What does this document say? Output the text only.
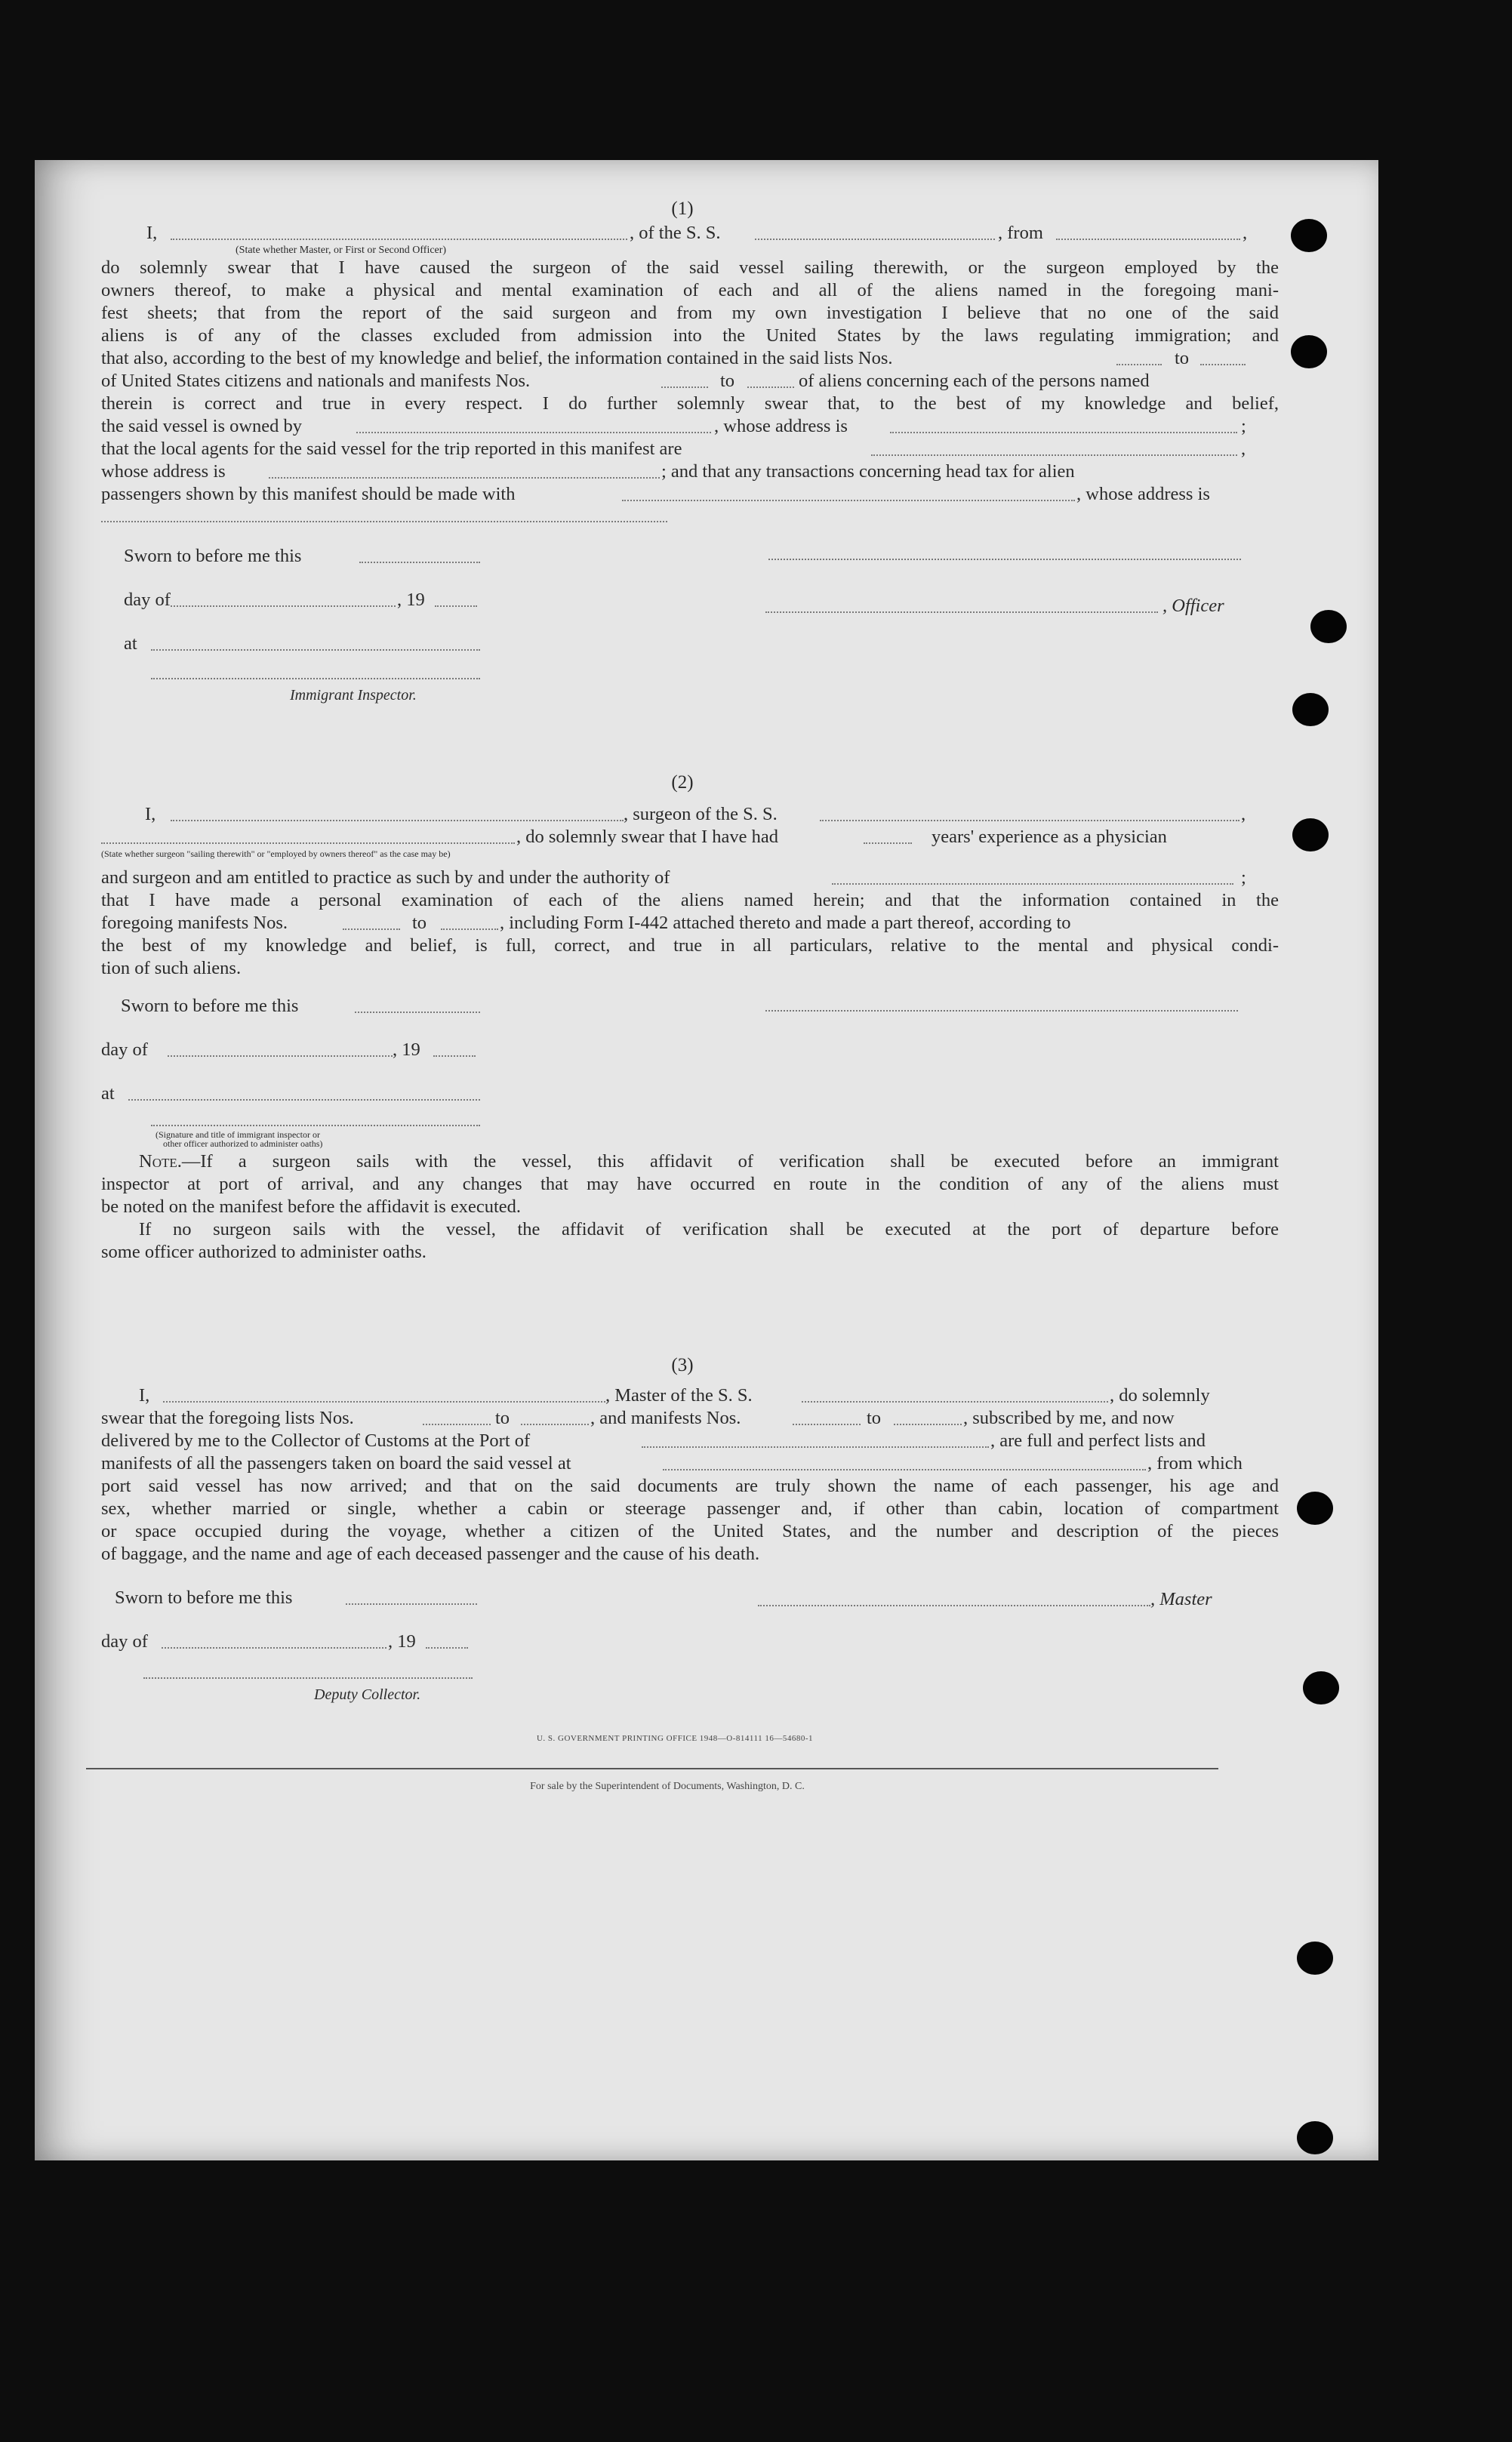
(1)

I,	, of the S. S.	, from	,
(State whether Master, or First or Second Officer)
do solemnly swear that I have caused the surgeon of the said vessel sailing therewith, or the surgeon employed by the
owners thereof, to make a physical and mental examination of each and all of the aliens named in the foregoing mani-
fest sheets; that from the report of the said surgeon and from my own investigation I believe that no one of the said
aliens is of any of the classes excluded from admission into the United States by the laws regulating immigration; and
that also, according to the best of my knowledge and belief, the information contained in the said lists Nos.	to
of United States citizens and nationals and manifests Nos.	to	of aliens concerning each of the persons named
therein is correct and true in every respect. I do further solemnly swear that, to the best of my knowledge and belief,
the said vessel is owned by	, whose address is	;
that the local agents for the said vessel for the trip reported in this manifest are	,
whose address is	; and that any transactions concerning head tax for alien
passengers shown by this manifest should be made with	, whose address is
Sworn to before me this
day of	, 19	, Officer
at
Immigrant Inspector.

(2)

I,	, surgeon of the S. S.	,
, do solemnly swear that I have had	years' experience as a physician
(State whether surgeon "sailing therewith" or "employed by owners thereof" as the case may be)
and surgeon and am entitled to practice as such by and under the authority of	;
that I have made a personal examination of each of the aliens named herein; and that the information contained in the
foregoing manifests Nos.	to	, including Form I-442 attached thereto and made a part thereof, according to
the best of my knowledge and belief, is full, correct, and true in all particulars, relative to the mental and physical condi-
tion of such aliens.
Sworn to before me this
day of	, 19
at
(Signature and title of immigrant inspector or
other officer authorized to administer oaths)
Note.—If a surgeon sails with the vessel, this affidavit of verification shall be executed before an immigrant
inspector at port of arrival, and any changes that may have occurred en route in the condition of any of the aliens must
be noted on the manifest before the affidavit is executed.
If no surgeon sails with the vessel, the affidavit of verification shall be executed at the port of departure before
some officer authorized to administer oaths.

(3)

I,	, Master of the S. S.	, do solemnly
swear that the foregoing lists Nos.	to	, and manifests Nos.	to	, subscribed by me, and now
delivered by me to the Collector of Customs at the Port of	, are full and perfect lists and
manifests of all the passengers taken on board the said vessel at	, from which
port said vessel has now arrived; and that on the said documents are truly shown the name of each passenger, his age and
sex, whether married or single, whether a cabin or steerage passenger and, if other than cabin, location of compartment
or space occupied during the voyage, whether a citizen of the United States, and the number and description of the pieces
of baggage, and the name and age of each deceased passenger and the cause of his death.
Sworn to before me this	, Master
day of	, 19
Deputy Collector.
U. S. GOVERNMENT PRINTING OFFICE 1948—O-814111 16—54680-1
For sale by the Superintendent of Documents, Washington, D. C.
